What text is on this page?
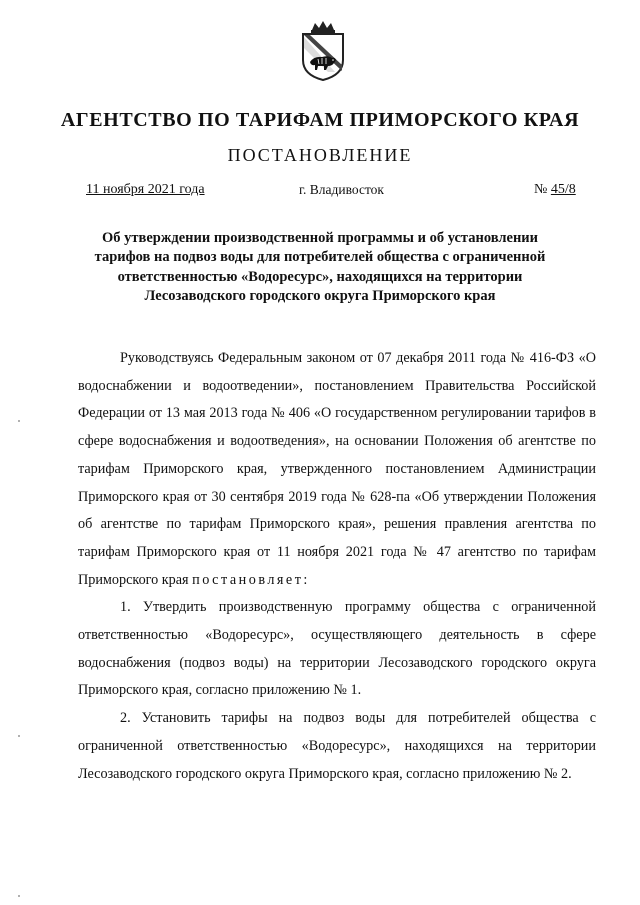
АГЕНТСТВО ПО ТАРИФАМ ПРИМОРСКОГО КРАЯ
ПОСТАНОВЛЕНИЕ
11 ноября 2021 года	г. Владивосток	№ 45/8
Об утверждении производственной программы и об установлении тарифов на подвоз воды для потребителей общества с ограниченной ответственностью «Водоресурс», находящихся на территории Лесозаводского городского округа Приморского края

Руководствуясь Федеральным законом от 07 декабря 2011 года № 416-ФЗ «О водоснабжении и водоотведении», постановлением Правительства Российской Федерации от 13 мая 2013 года № 406 «О государственном регулировании тарифов в сфере водоснабжения и водоотведения», на основании Положения об агентстве по тарифам Приморского края, утвержденного постановлением Администрации Приморского края от 30 сентября 2019 года № 628-па «Об утверждении Положения об агентстве по тарифам Приморского края», решения правления агентства по тарифам Приморского края от 11 ноября 2021 года № 47 агентство по тарифам Приморского края постановляет:

1. Утвердить производственную программу общества с ограниченной ответственностью «Водоресурс», осуществляющего деятельность в сфере водоснабжения (подвоз воды) на территории Лесозаводского городского округа Приморского края, согласно приложению № 1.

2. Установить тарифы на подвоз воды для потребителей общества с ограниченной ответственностью «Водоресурс», находящихся на территории Лесозаводского городского округа Приморского края, согласно приложению № 2.
